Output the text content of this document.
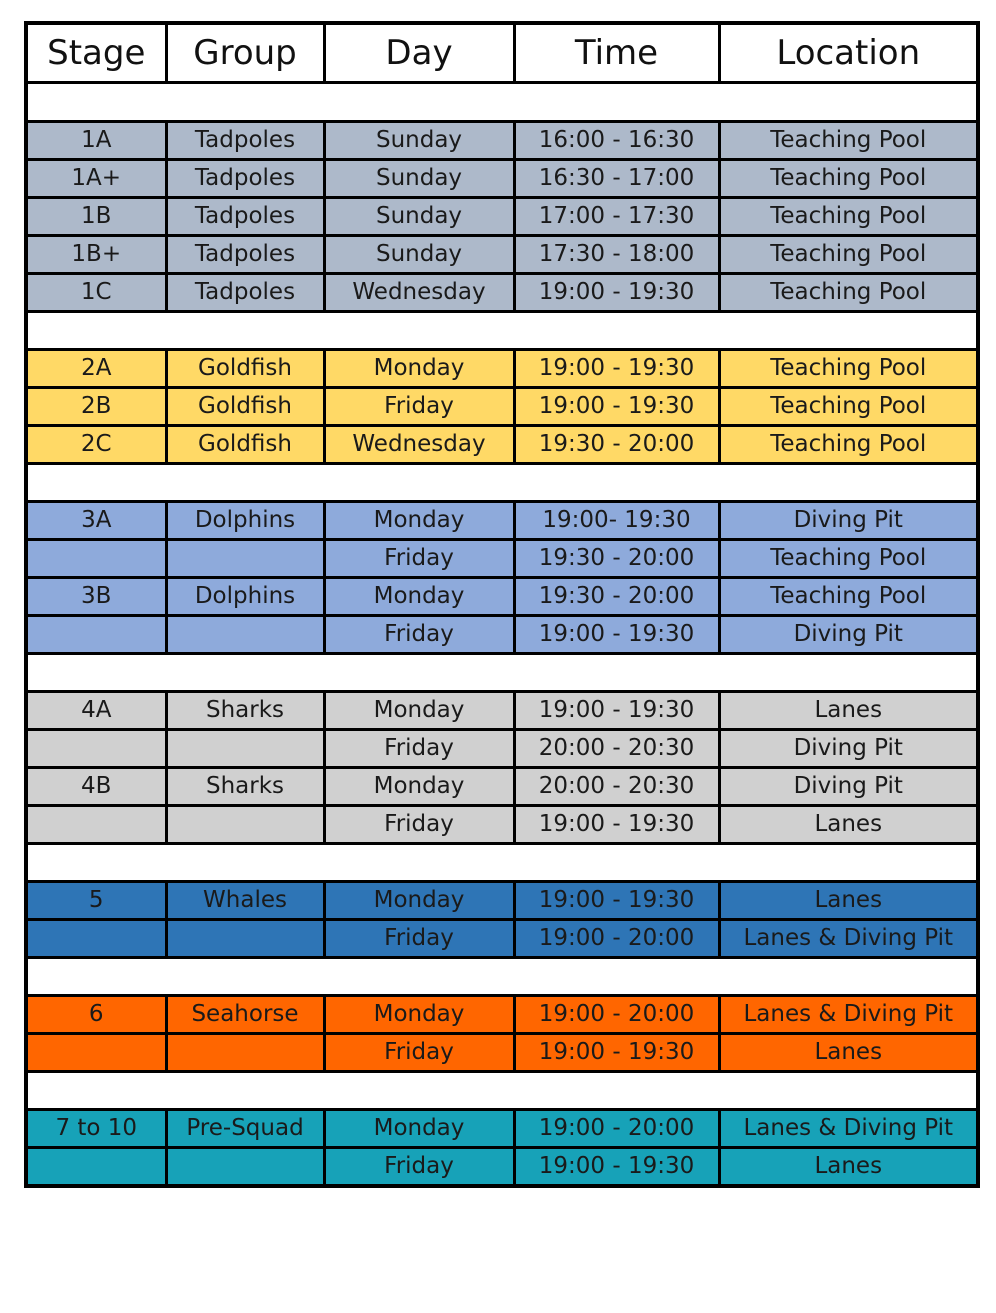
Stage	Group	Day	Time	Location

1A	Tadpoles	Sunday	16:00 - 16:30	Teaching Pool
1A+	Tadpoles	Sunday	16:30 - 17:00	Teaching Pool
1B	Tadpoles	Sunday	17:00 - 17:30	Teaching Pool
1B+	Tadpoles	Sunday	17:30 - 18:00	Teaching Pool
1C	Tadpoles	Wednesday	19:00 - 19:30	Teaching Pool

2A	Goldfish	Monday	19:00 - 19:30	Teaching Pool
2B	Goldfish	Friday	19:00 - 19:30	Teaching Pool
2C	Goldfish	Wednesday	19:30 - 20:00	Teaching Pool

3A	Dolphins	Monday	19:00- 19:30	Diving Pit
		Friday	19:30 - 20:00	Teaching Pool
3B	Dolphins	Monday	19:30 - 20:00	Teaching Pool
		Friday	19:00 - 19:30	Diving Pit

4A	Sharks	Monday	19:00 - 19:30	Lanes
		Friday	20:00 - 20:30	Diving Pit
4B	Sharks	Monday	20:00 - 20:30	Diving Pit
		Friday	19:00 - 19:30	Lanes

5	Whales	Monday	19:00 - 19:30	Lanes
		Friday	19:00 - 20:00	Lanes & Diving Pit

6	Seahorse	Monday	19:00 - 20:00	Lanes & Diving Pit
		Friday	19:00 - 19:30	Lanes

7 to 10	Pre-Squad	Monday	19:00 - 20:00	Lanes & Diving Pit
		Friday	19:00 - 19:30	Lanes
